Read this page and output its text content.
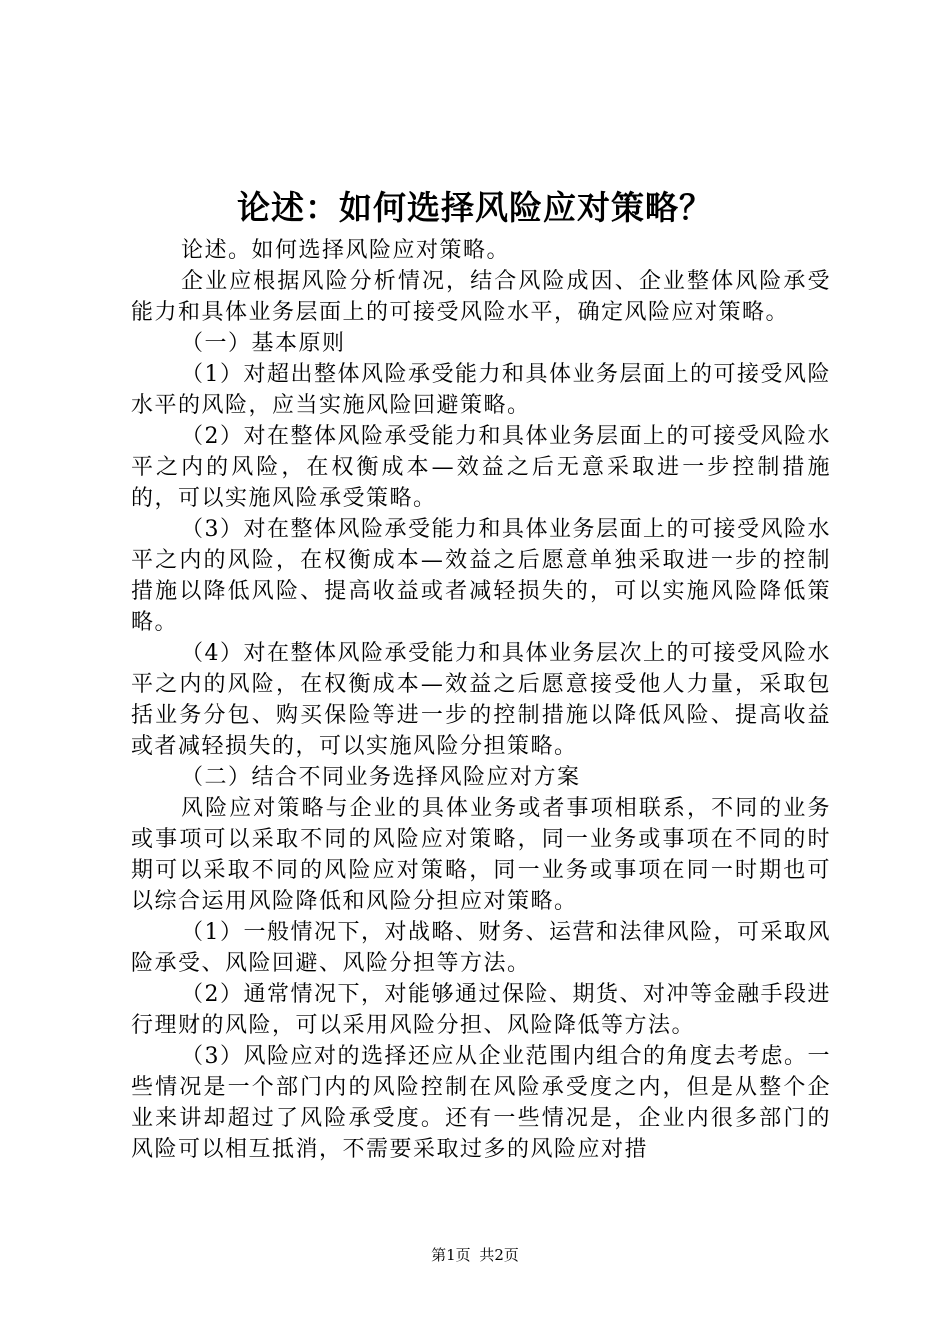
论述：如何选择风险应对策略？

论述。如何选择风险应对策略。

企业应根据风险分析情况，结合风险成因、企业整体风险承受能力和具体业务层面上的可接受风险水平，确定风险应对策略。

（一）基本原则

（1）对超出整体风险承受能力和具体业务层面上的可接受风险水平的风险，应当实施风险回避策略。

（2）对在整体风险承受能力和具体业务层面上的可接受风险水平之内的风险，在权衡成本—效益之后无意采取进一步控制措施的，可以实施风险承受策略。

（3）对在整体风险承受能力和具体业务层面上的可接受风险水平之内的风险，在权衡成本—效益之后愿意单独采取进一步的控制措施以降低风险、提高收益或者减轻损失的，可以实施风险降低策略。

（4）对在整体风险承受能力和具体业务层次上的可接受风险水平之内的风险，在权衡成本—效益之后愿意接受他人力量，采取包括业务分包、购买保险等进一步的控制措施以降低风险、提高收益或者减轻损失的，可以实施风险分担策略。

（二）结合不同业务选择风险应对方案

风险应对策略与企业的具体业务或者事项相联系，不同的业务或事项可以采取不同的风险应对策略，同一业务或事项在不同的时期可以采取不同的风险应对策略，同一业务或事项在同一时期也可以综合运用风险降低和风险分担应对策略。

（1）一般情况下，对战略、财务、运营和法律风险，可采取风险承受、风险回避、风险分担等方法。

（2）通常情况下，对能够通过保险、期货、对冲等金融手段进行理财的风险，可以采用风险分担、风险降低等方法。

（3）风险应对的选择还应从企业范围内组合的角度去考虑。一些情况是一个部门内的风险控制在风险承受度之内，但是从整个企业来讲却超过了风险承受度。还有一些情况是，企业内很多部门的风险可以相互抵消，不需要采取过多的风险应对措

第1页 共2页
